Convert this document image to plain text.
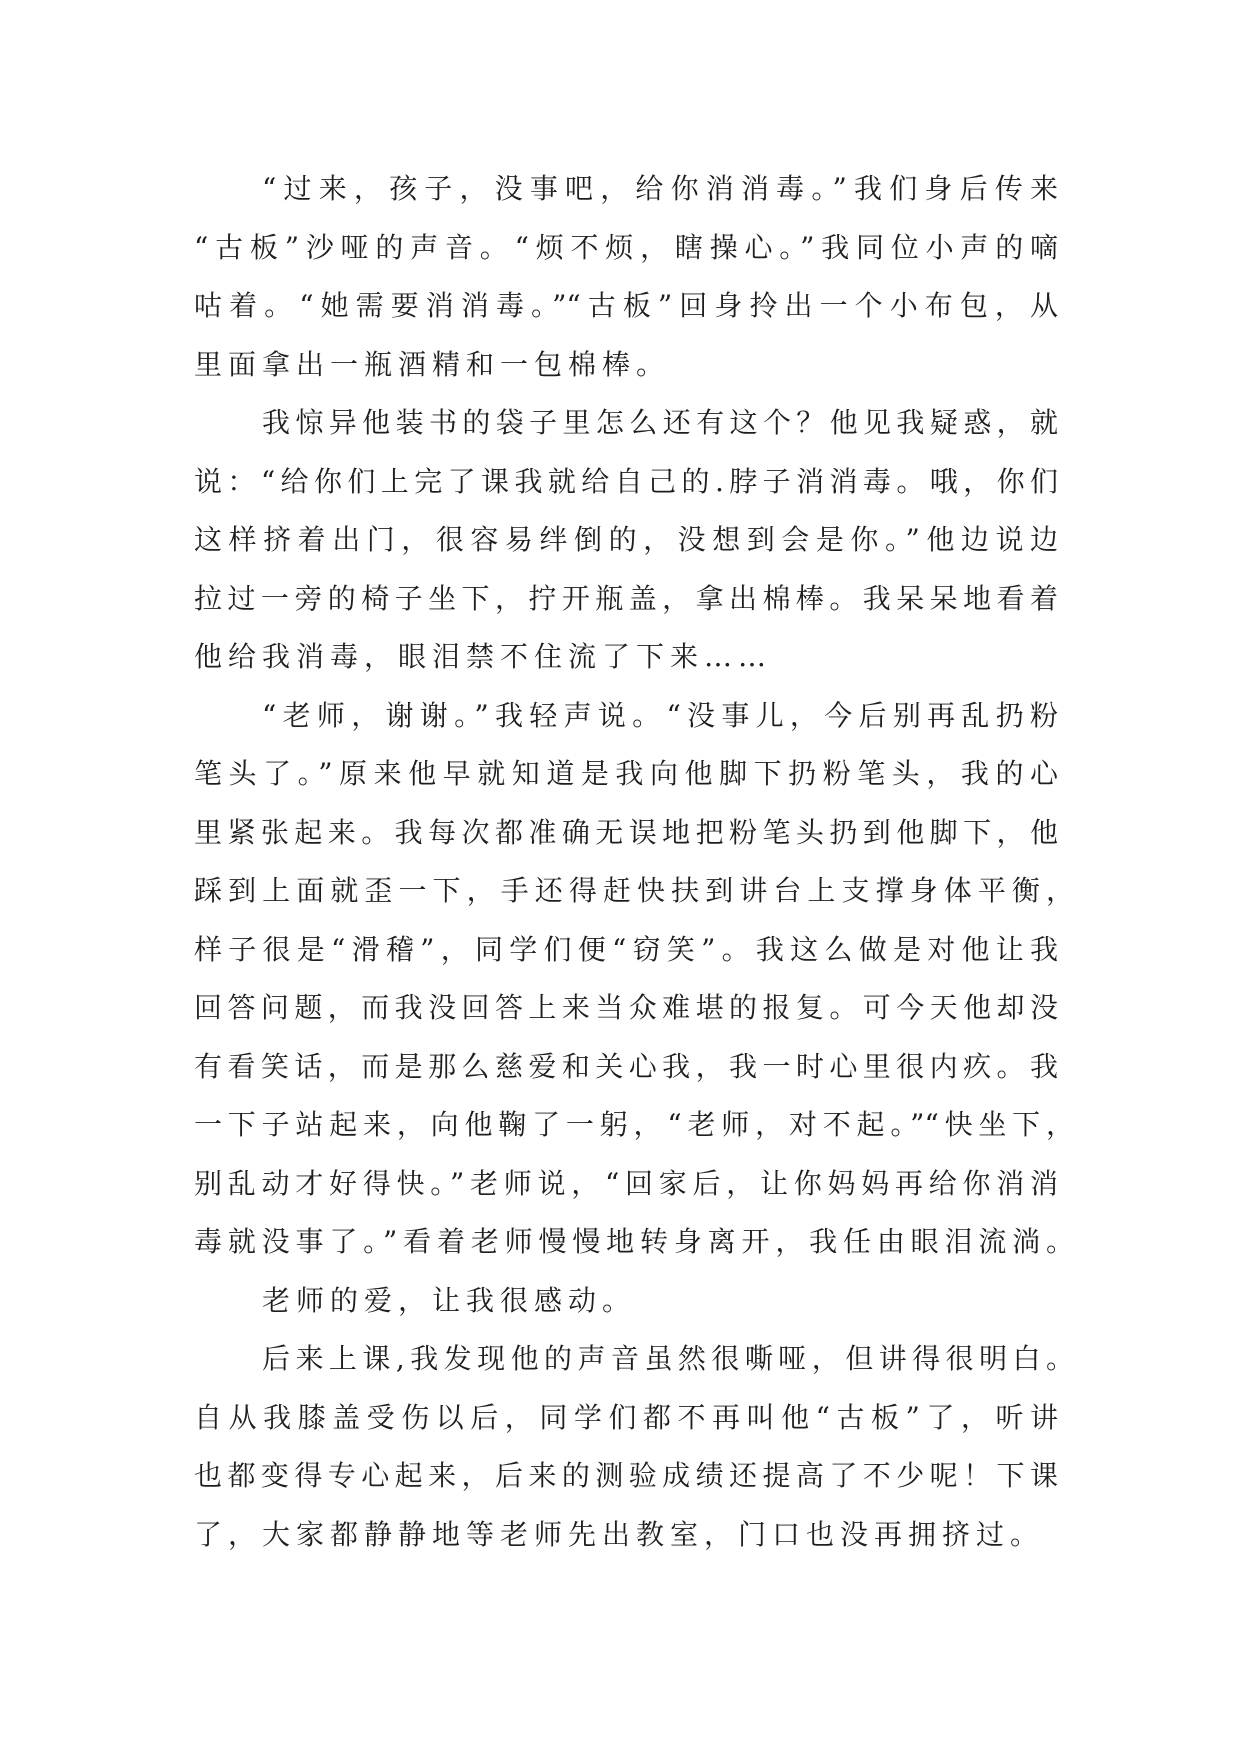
“过来，孩子，没事吧，给你消消毒。”我们身后传来
“古板”沙哑的声音。“烦不烦，瞎操心。”我同位小声的嘀
咕着。“她需要消消毒。”“古板”回身拎出一个小布包，从
里面拿出一瓶酒精和一包棉棒。
我惊异他装书的袋子里怎么还有这个？他见我疑惑，就
说：“给你们上完了课我就给自己的.脖子消消毒。哦，你们
这样挤着出门，很容易绊倒的，没想到会是你。”他边说边
拉过一旁的椅子坐下，拧开瓶盖，拿出棉棒。我呆呆地看着
他给我消毒，眼泪禁不住流了下来……
“老师，谢谢。”我轻声说。“没事儿，今后别再乱扔粉
笔头了。”原来他早就知道是我向他脚下扔粉笔头，我的心
里紧张起来。我每次都准确无误地把粉笔头扔到他脚下，他
踩到上面就歪一下，手还得赶快扶到讲台上支撑身体平衡，
样子很是“滑稽”，同学们便“窃笑”。我这么做是对他让我
回答问题，而我没回答上来当众难堪的报复。可今天他却没
有看笑话，而是那么慈爱和关心我，我一时心里很内疚。我
一下子站起来，向他鞠了一躬，“老师，对不起。”“快坐下，
别乱动才好得快。”老师说，“回家后，让你妈妈再给你消消
毒就没事了。”看着老师慢慢地转身离开，我任由眼泪流淌。
老师的爱，让我很感动。
后来上课,我发现他的声音虽然很嘶哑，但讲得很明白。
自从我膝盖受伤以后，同学们都不再叫他“古板”了，听讲
也都变得专心起来，后来的测验成绩还提高了不少呢！下课
了，大家都静静地等老师先出教室，门口也没再拥挤过。
